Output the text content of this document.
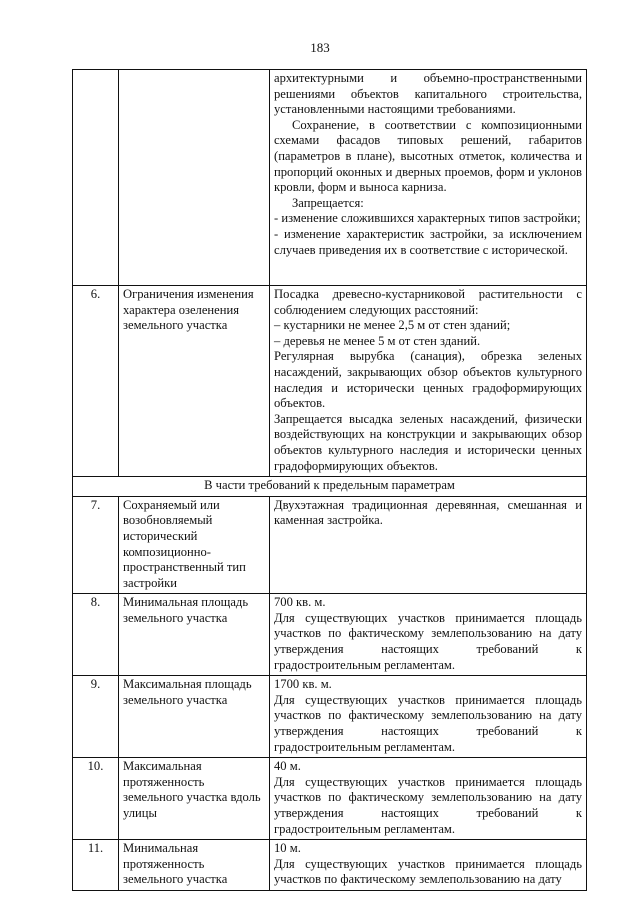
183

		архитектурными и объемно-пространственными решениями объектов капитального строительства, установленными настоящими требованиями.

Сохранение, в соответствии с композиционными схемами фасадов типовых решений, габаритов (параметров в плане), высотных отметок, количества и пропорций оконных и дверных проемов, форм и уклонов кровли, форм и выноса карниза.

Запрещается:

- изменение сложившихся характерных типов застройки;

- изменение характеристик застройки, за исключением случаев приведения их в соответствие с исторической.

6.	Ограничения изменения характера озеленения земельного участка	Посадка древесно-кустарниковой растительности с соблюдением следующих расстояний:

– кустарники не менее 2,5 м от стен зданий;

– деревья не менее 5 м от стен зданий.

Регулярная вырубка (санация), обрезка зеленых насаждений, закрывающих обзор объектов культурного наследия и исторически ценных градоформирующих объектов.

Запрещается высадка зеленых насаждений, физически воздействующих на конструкции и закрывающих обзор объектов культурного наследия и исторически ценных градоформирующих объектов.

В части требований к предельным параметрам		
7.	Сохраняемый или возобновляемый исторический композиционно-пространственный тип застройки	Двухэтажная традиционная деревянная, смешанная и каменная застройка.

8.	Минимальная площадь земельного участка	700 кв. м.

Для существующих участков принимается площадь участков по фактическому землепользованию на дату утверждения настоящих требований к градостроительным регламентам.

9.	Максимальная площадь земельного участка	1700 кв. м.

Для существующих участков принимается площадь участков по фактическому землепользованию на дату утверждения настоящих требований к градостроительным регламентам.

10.	Максимальная протяженность земельного участка вдоль улицы	40 м.

Для существующих участков принимается площадь участков по фактическому землепользованию на дату утверждения настоящих требований к градостроительным регламентам.

11.	Минимальная протяженность земельного участка	10 м.

Для существующих участков принимается площадь участков по фактическому землепользованию на дату
